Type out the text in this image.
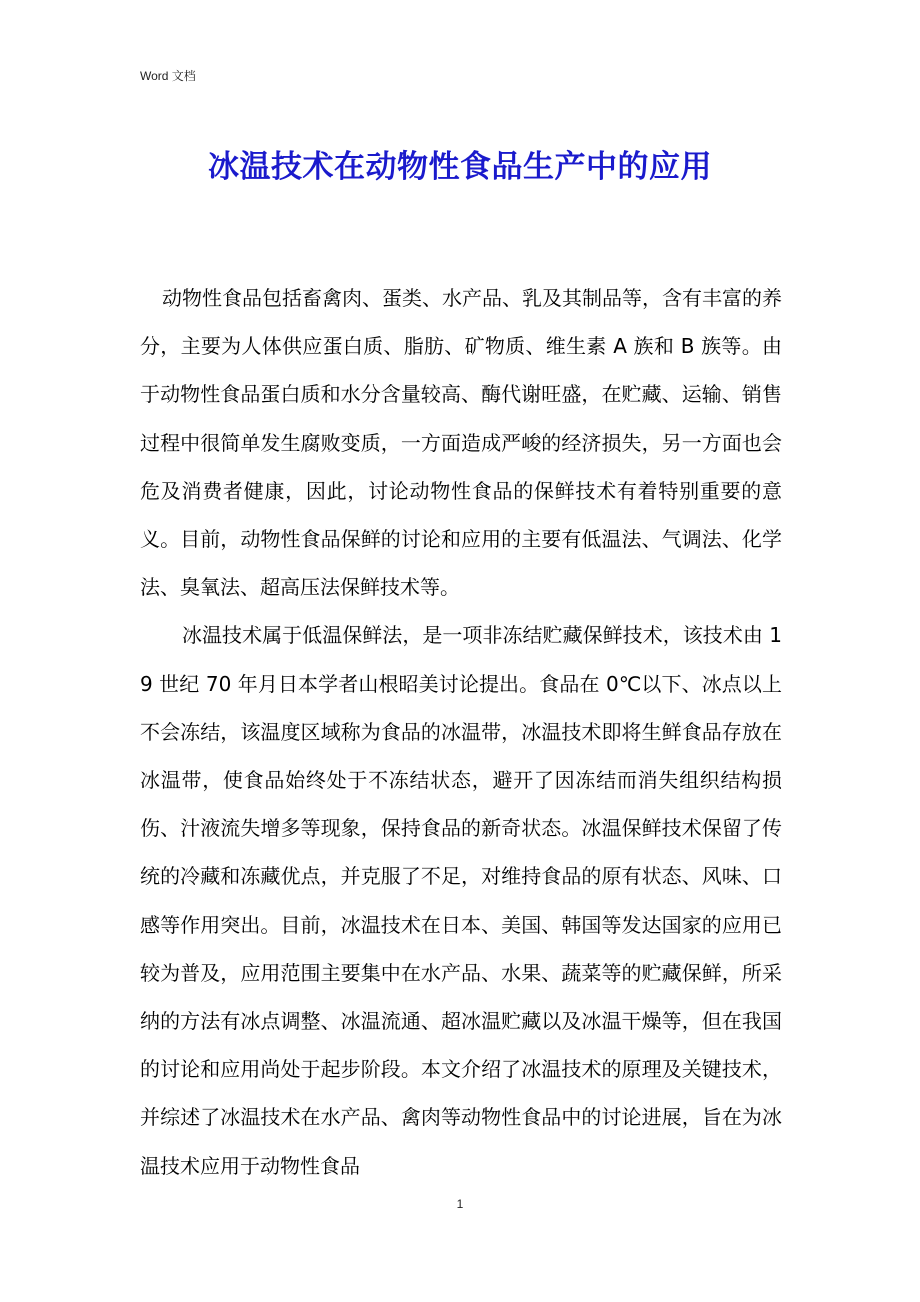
Word 文档
冰温技术在动物性食品生产中的应用

动物性食品包括畜禽肉、蛋类、水产品、乳及其制品等，含有丰富的养分，主要为人体供应蛋白质、脂肪、矿物质、维生素 A 族和 B 族等。由于动物性食品蛋白质和水分含量较高、酶代谢旺盛，在贮藏、运输、销售过程中很简单发生腐败变质，一方面造成严峻的经济损失，另一方面也会危及消费者健康，因此，讨论动物性食品的保鲜技术有着特别重要的意义。目前，动物性食品保鲜的讨论和应用的主要有低温法、气调法、化学法、臭氧法、超高压法保鲜技术等。

冰温技术属于低温保鲜法，是一项非冻结贮藏保鲜技术，该技术由 19 世纪 70 年月日本学者山根昭美讨论提出。食品在 0℃以下、冰点以上不会冻结，该温度区域称为食品的冰温带，冰温技术即将生鲜食品存放在冰温带，使食品始终处于不冻结状态，避开了因冻结而消失组织结构损伤、汁液流失增多等现象，保持食品的新奇状态。冰温保鲜技术保留了传统的冷藏和冻藏优点，并克服了不足，对维持食品的原有状态、风味、口感等作用突出。目前，冰温技术在日本、美国、韩国等发达国家的应用已较为普及，应用范围主要集中在水产品、水果、蔬菜等的贮藏保鲜，所采纳的方法有冰点调整、冰温流通、超冰温贮藏以及冰温干燥等，但在我国的讨论和应用尚处于起步阶段。本文介绍了冰温技术的原理及关键技术，并综述了冰温技术在水产品、禽肉等动物性食品中的讨论进展，旨在为冰温技术应用于动物性食品

1
